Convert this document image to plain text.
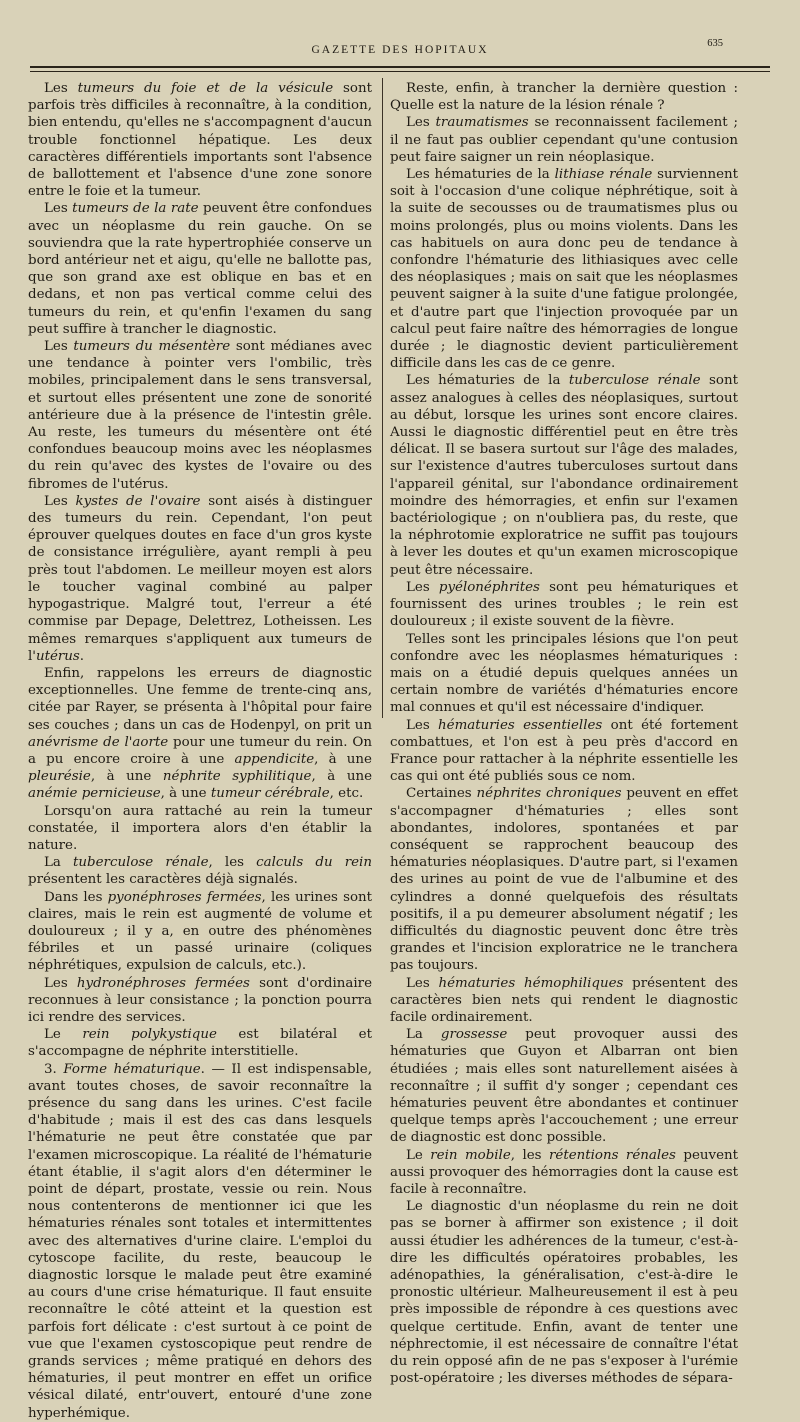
GAZETTE DES HOPITAUX
635

Les tumeurs du foie et de la vésicule sont parfois très difficiles à reconnaître, à la condition, bien entendu, qu'elles ne s'accompagnent d'aucun trouble fonctionnel hépatique. Les deux caractères différentiels importants sont l'absence de ballottement et l'absence d'une zone sonore entre le foie et la tumeur.

Les tumeurs de la rate peuvent être confondues avec un néoplasme du rein gauche. On se souviendra que la rate hypertrophiée conserve un bord antérieur net et aigu, qu'elle ne ballotte pas, que son grand axe est oblique en bas et en dedans, et non pas vertical comme celui des tumeurs du rein, et qu'enfin l'examen du sang peut suffire à trancher le diagnostic.

Les tumeurs du mésentère sont médianes avec une tendance à pointer vers l'ombilic, très mobiles, principalement dans le sens transversal, et surtout elles présentent une zone de sonorité antérieure due à la présence de l'intestin grêle. Au reste, les tumeurs du mésentère ont été confondues beaucoup moins avec les néoplasmes du rein qu'avec des kystes de l'ovaire ou des fibromes de l'utérus.

Les kystes de l'ovaire sont aisés à distinguer des tumeurs du rein. Cependant, l'on peut éprouver quelques doutes en face d'un gros kyste de consistance irrégulière, ayant rempli à peu près tout l'abdomen. Le meilleur moyen est alors le toucher vaginal combiné au palper hypogastrique. Malgré tout, l'erreur a été commise par Depage, Delettrez, Lotheissen. Les mêmes remarques s'appliquent aux tumeurs de l'utérus.

Enfin, rappelons les erreurs de diagnostic exceptionnelles. Une femme de trente-cinq ans, citée par Rayer, se présenta à l'hôpital pour faire ses couches ; dans un cas de Hodenpyl, on prit un anévrisme de l'aorte pour une tumeur du rein. On a pu encore croire à une appendicite, à une pleurésie, à une néphrite syphilitique, à une anémie pernicieuse, à une tumeur cérébrale, etc.

Lorsqu'on aura rattaché au rein la tumeur constatée, il importera alors d'en établir la nature.

La tuberculose rénale, les calculs du rein présentent les caractères déjà signalés.

Dans les pyonéphroses fermées, les urines sont claires, mais le rein est augmenté de volume et douloureux ; il y a, en outre des phénomènes fébriles et un passé urinaire (coliques néphrétiques, expulsion de calculs, etc.).

Les hydronéphroses fermées sont d'ordinaire reconnues à leur consistance ; la ponction pourra ici rendre des services.

Le rein polykystique est bilatéral et s'accompagne de néphrite interstitielle.

3. Forme hématurique. — Il est indispensable, avant toutes choses, de savoir reconnaître la présence du sang dans les urines. C'est facile d'habitude ; mais il est des cas dans lesquels l'hématurie ne peut être constatée que par l'examen microscopique. La réalité de l'hématurie étant établie, il s'agit alors d'en déterminer le point de départ, prostate, vessie ou rein. Nous nous contenterons de mentionner ici que les hématuries rénales sont totales et intermittentes avec des alternatives d'urine claire. L'emploi du cytoscope facilite, du reste, beaucoup le diagnostic lorsque le malade peut être examiné au cours d'une crise hématurique. Il faut ensuite reconnaître le côté atteint et la question est parfois fort délicate : c'est surtout à ce point de vue que l'examen cystoscopique peut rendre de grands services ; même pratiqué en dehors des hématuries, il peut montrer en effet un orifice vésical dilaté, entr'ouvert, entouré d'une zone hyperhémique.

Reste, enfin, à trancher la dernière question : Quelle est la nature de la lésion rénale ?

Les traumatismes se reconnaissent facilement ; il ne faut pas oublier cependant qu'une contusion peut faire saigner un rein néoplasique.

Les hématuries de la lithiase rénale surviennent soit à l'occasion d'une colique néphrétique, soit à la suite de secousses ou de traumatismes plus ou moins prolongés, plus ou moins violents. Dans les cas habituels on aura donc peu de tendance à confondre l'hématurie des lithiasiques avec celle des néoplasiques ; mais on sait que les néoplasmes peuvent saigner à la suite d'une fatigue prolongée, et d'autre part que l'injection provoquée par un calcul peut faire naître des hémorragies de longue durée ; le diagnostic devient particulièrement difficile dans les cas de ce genre.

Les hématuries de la tuberculose rénale sont assez analogues à celles des néoplasiques, surtout au début, lorsque les urines sont encore claires. Aussi le diagnostic différentiel peut en être très délicat. Il se basera surtout sur l'âge des malades, sur l'existence d'autres tuberculoses surtout dans l'appareil génital, sur l'abondance ordinairement moindre des hémorragies, et enfin sur l'examen bactériologique ; on n'oubliera pas, du reste, que la néphrotomie exploratrice ne suffit pas toujours à lever les doutes et qu'un examen microscopique peut être nécessaire.

Les pyélonéphrites sont peu hématuriques et fournissent des urines troubles ; le rein est douloureux ; il existe souvent de la fièvre.

Telles sont les principales lésions que l'on peut confondre avec les néoplasmes hématuriques : mais on a étudié depuis quelques années un certain nombre de variétés d'hématuries encore mal connues et qu'il est nécessaire d'indiquer.

Les hématuries essentielles ont été fortement combattues, et l'on est à peu près d'accord en France pour rattacher à la néphrite essentielle les cas qui ont été publiés sous ce nom.

Certaines néphrites chroniques peuvent en effet s'accompagner d'hématuries ; elles sont abondantes, indolores, spontanées et par conséquent se rapprochent beaucoup des hématuries néoplasiques. D'autre part, si l'examen des urines au point de vue de l'albumine et des cylindres a donné quelquefois des résultats positifs, il a pu demeurer absolument négatif ; les difficultés du diagnostic peuvent donc être très grandes et l'incision exploratrice ne le tranchera pas toujours.

Les hématuries hémophiliques présentent des caractères bien nets qui rendent le diagnostic facile ordinairement.

La grossesse peut provoquer aussi des hématuries que Guyon et Albarran ont bien étudiées ; mais elles sont naturellement aisées à reconnaître ; il suffit d'y songer ; cependant ces hématuries peuvent être abondantes et continuer quelque temps après l'accouchement ; une erreur de diagnostic est donc possible.

Le rein mobile, les rétentions rénales peuvent aussi provoquer des hémorragies dont la cause est facile à reconnaître.

Le diagnostic d'un néoplasme du rein ne doit pas se borner à affirmer son existence ; il doit aussi étudier les adhérences de la tumeur, c'est-à-dire les difficultés opératoires probables, les adénopathies, la généralisation, c'est-à-dire le pronostic ultérieur. Malheureusement il est à peu près impossible de répondre à ces questions avec quelque certitude. Enfin, avant de tenter une néphrectomie, il est nécessaire de connaître l'état du rein opposé afin de ne pas s'exposer à l'urémie post-opératoire ; les diverses méthodes de sépara-
